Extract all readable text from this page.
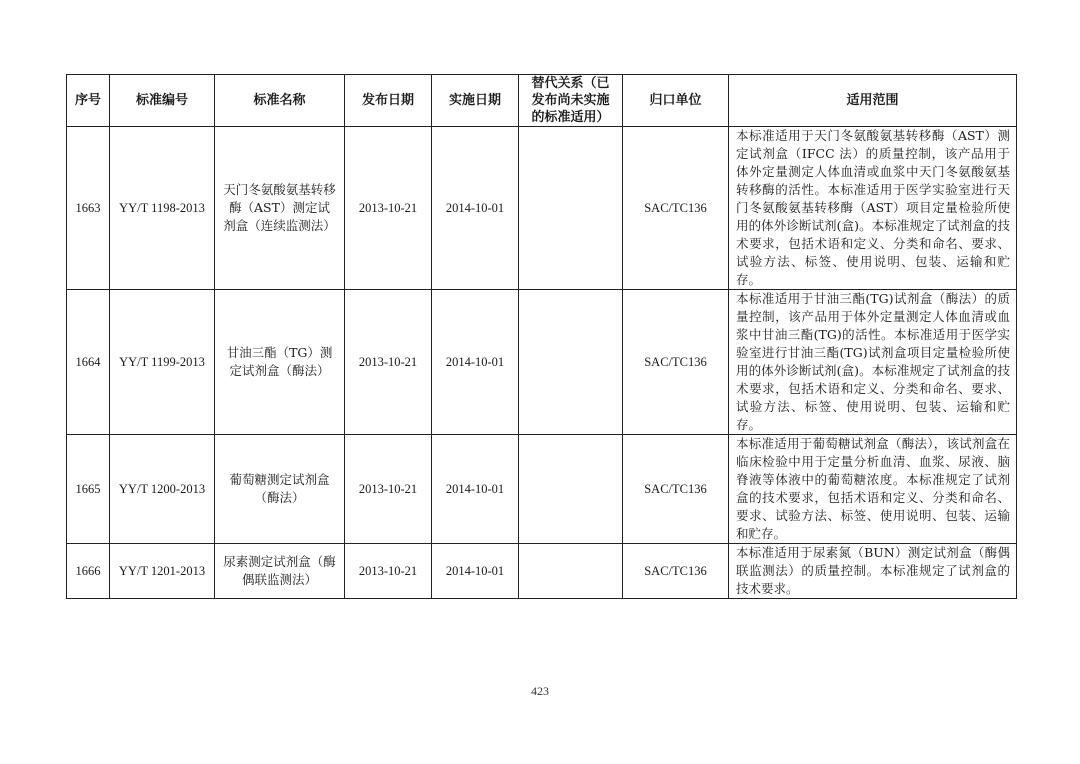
序号	标准编号	标准名称	发布日期	实施日期	替代关系（已发布尚未实施的标准适用）	归口单位	适用范围
1663	YY/T 1198-2013	天门冬氨酸氨基转移酶（AST）测定试剂盒（连续监测法）	2013-10-21	2014-10-01		SAC/TC136	本标准适用于天门冬氨酸氨基转移酶（AST）测定试剂盒（IFCC 法）的质量控制，该产品用于体外定量测定人体血清或血浆中天门冬氨酸氨基转移酶的活性。本标准适用于医学实验室进行天门冬氨酸氨基转移酶（AST）项目定量检验所使用的体外诊断试剂(盒)。本标准规定了试剂盒的技术要求，包括术语和定义、分类和命名、要求、试验方法、标签、使用说明、包装、运输和贮存。
1664	YY/T 1199-2013	甘油三酯（TG）测定试剂盒（酶法）	2013-10-21	2014-10-01		SAC/TC136	本标准适用于甘油三酯(TG)试剂盒（酶法）的质量控制，该产品用于体外定量测定人体血清或血浆中甘油三酯(TG)的活性。本标准适用于医学实验室进行甘油三酯(TG)试剂盒项目定量检验所使用的体外诊断试剂(盒)。本标准规定了试剂盒的技术要求，包括术语和定义、分类和命名、要求、试验方法、标签、使用说明、包装、运输和贮存。
1665	YY/T 1200-2013	葡萄糖测定试剂盒（酶法）	2013-10-21	2014-10-01		SAC/TC136	本标准适用于葡萄糖试剂盒（酶法），该试剂盒在临床检验中用于定量分析血清、血浆、尿液、脑脊液等体液中的葡萄糖浓度。本标准规定了试剂盒的技术要求，包括术语和定义、分类和命名、要求、试验方法、标签、使用说明、包装、运输和贮存。
1666	YY/T 1201-2013	尿素测定试剂盒（酶偶联监测法）	2013-10-21	2014-10-01		SAC/TC136	本标准适用于尿素氮（BUN）测定试剂盒（酶偶联监测法）的质量控制。本标准规定了试剂盒的技术要求。
423
